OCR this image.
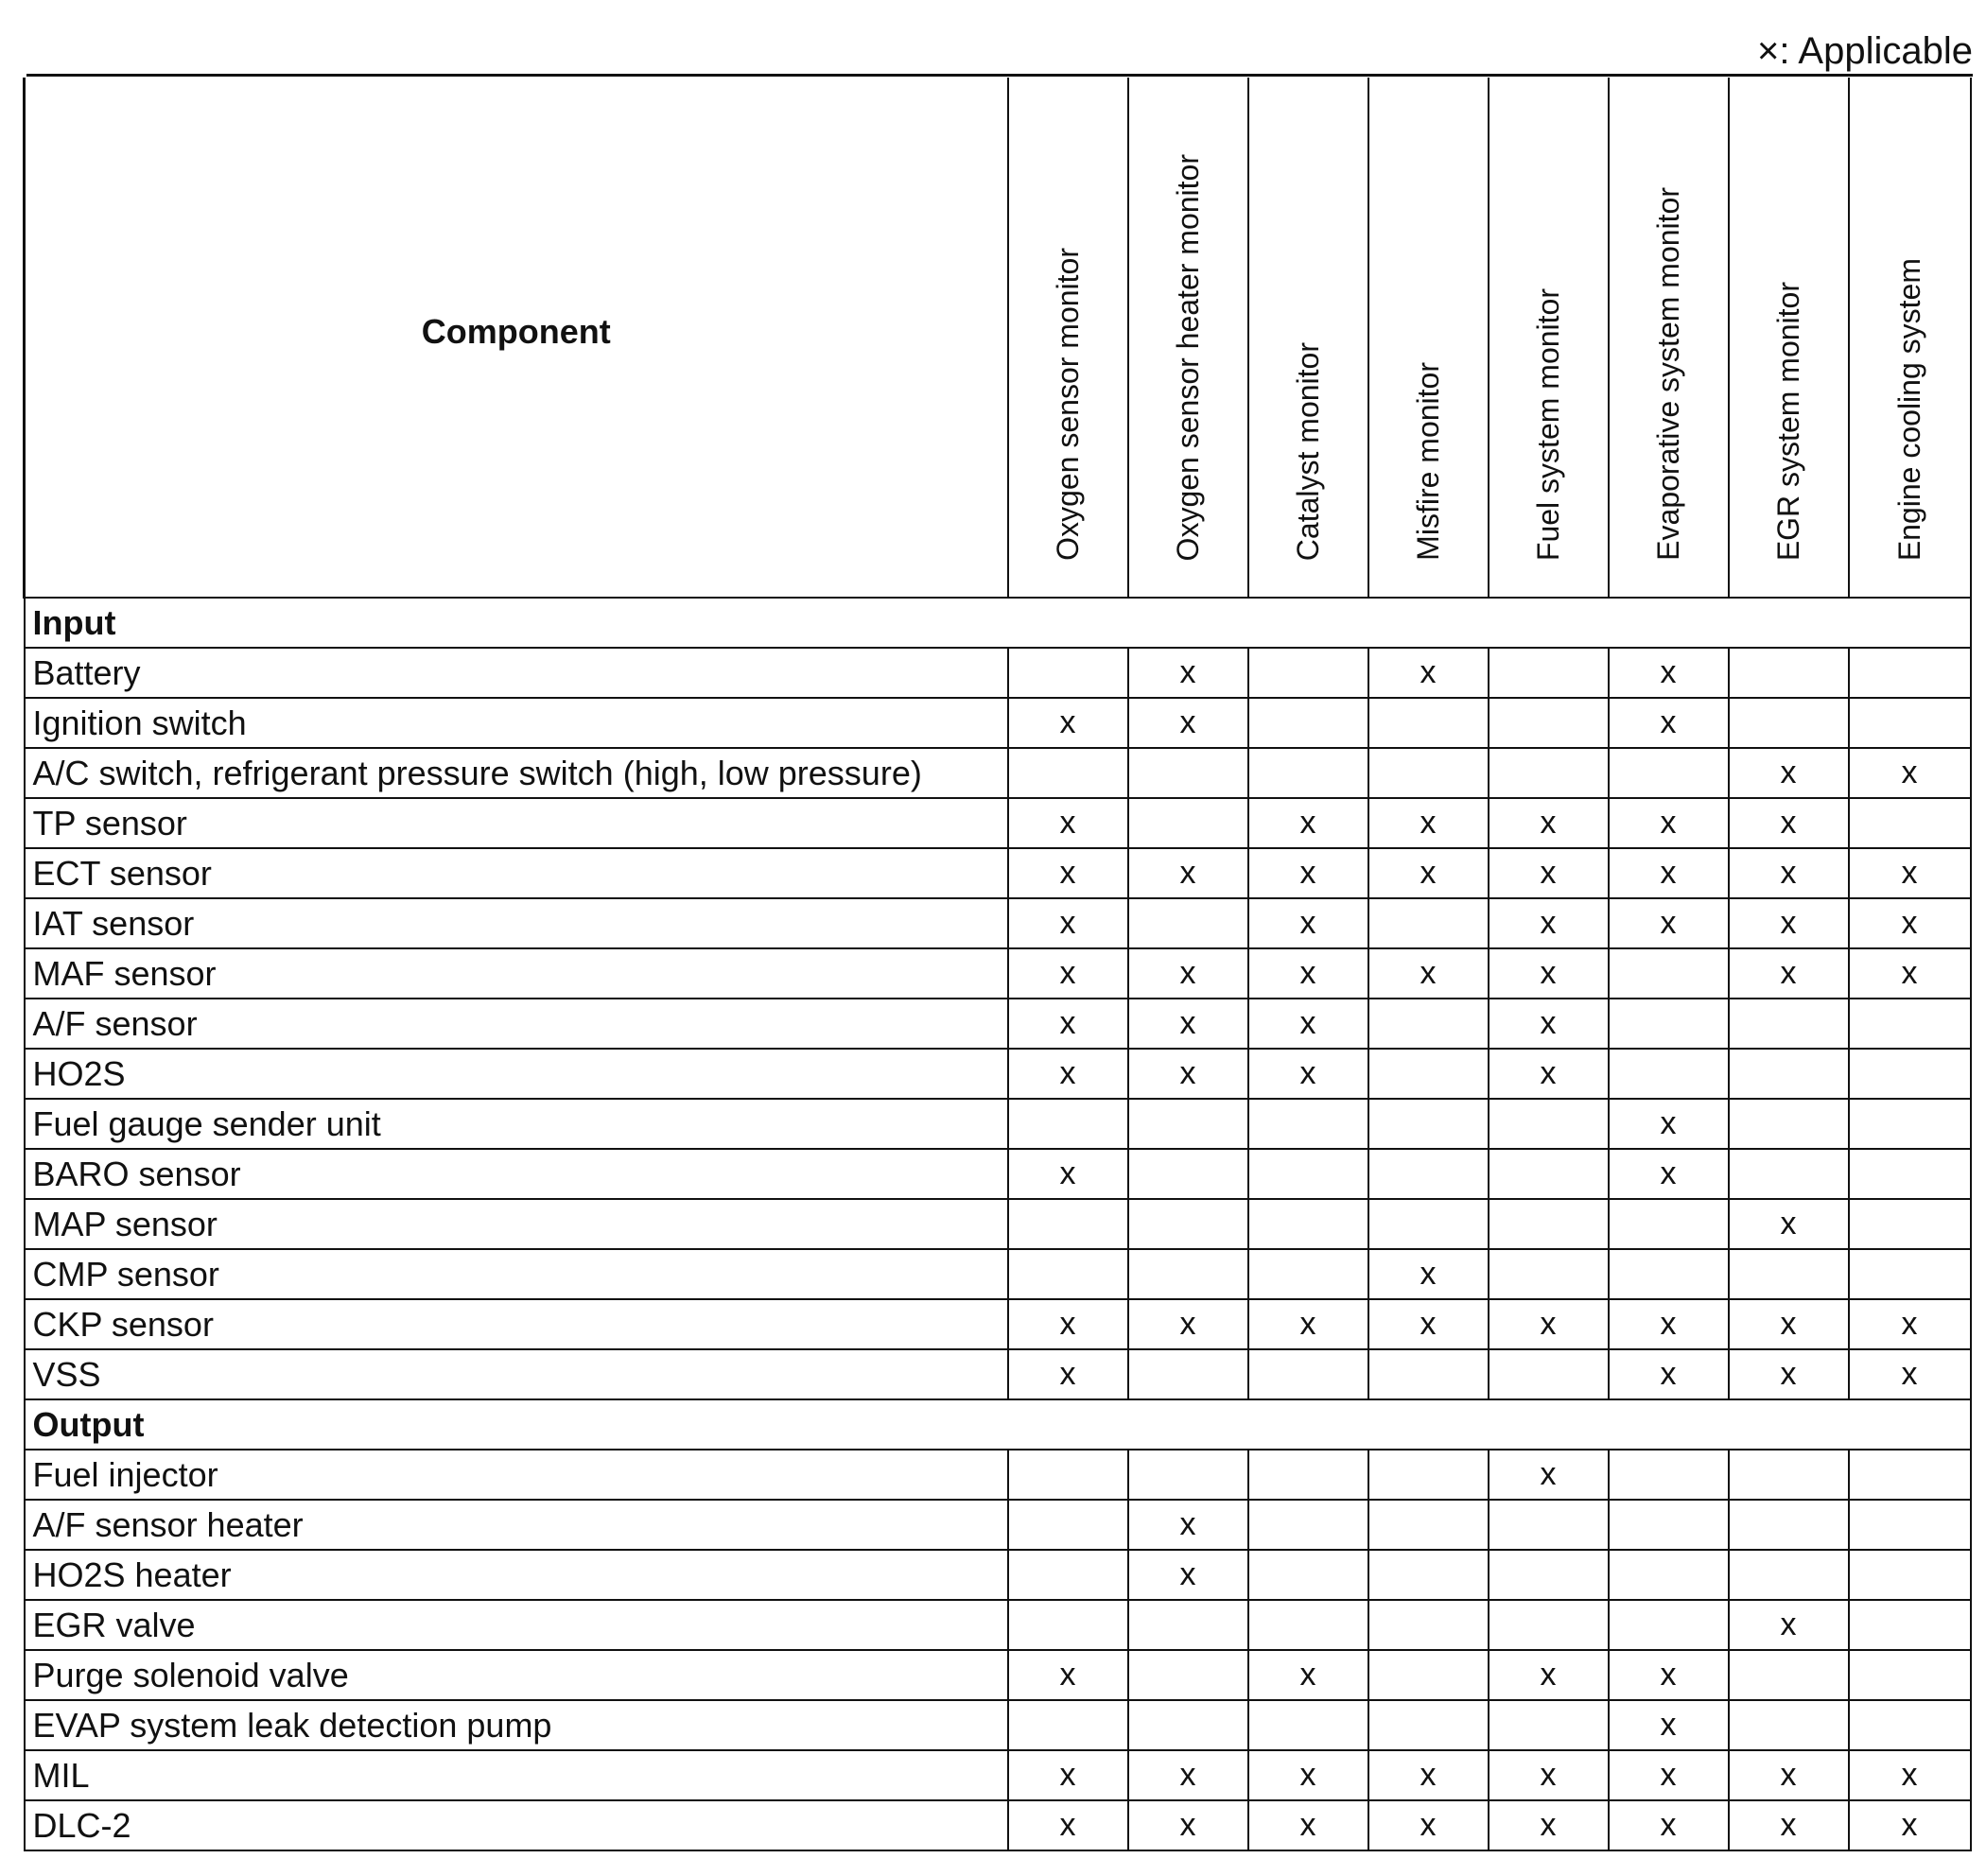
×: Applicable
Component	Oxygen sensor monitor	Oxygen sensor heater monitor	Catalyst monitor	Misfire monitor	Fuel system monitor	Evaporative system monitor	EGR system monitor	Engine cooling system

Input								
Battery		x		x		x		
Ignition switch	x	x				x		
A/C switch, refrigerant pressure switch (high, low pressure)							x	x
TP sensor	x		x	x	x	x	x	
ECT sensor	x	x	x	x	x	x	x	x
IAT sensor	x		x		x	x	x	x
MAF sensor	x	x	x	x	x		x	x
A/F sensor	x	x	x		x			
HO2S	x	x	x		x			
Fuel gauge sender unit						x		
BARO sensor	x					x		
MAP sensor							x	
CMP sensor				x				
CKP sensor	x	x	x	x	x	x	x	x
VSS	x					x	x	x
Output								
Fuel injector					x			
A/F sensor heater		x						
HO2S heater		x						
EGR valve							x	
Purge solenoid valve	x		x		x	x		
EVAP system leak detection pump						x		
MIL	x	x	x	x	x	x	x	x
DLC-2	x	x	x	x	x	x	x	x
